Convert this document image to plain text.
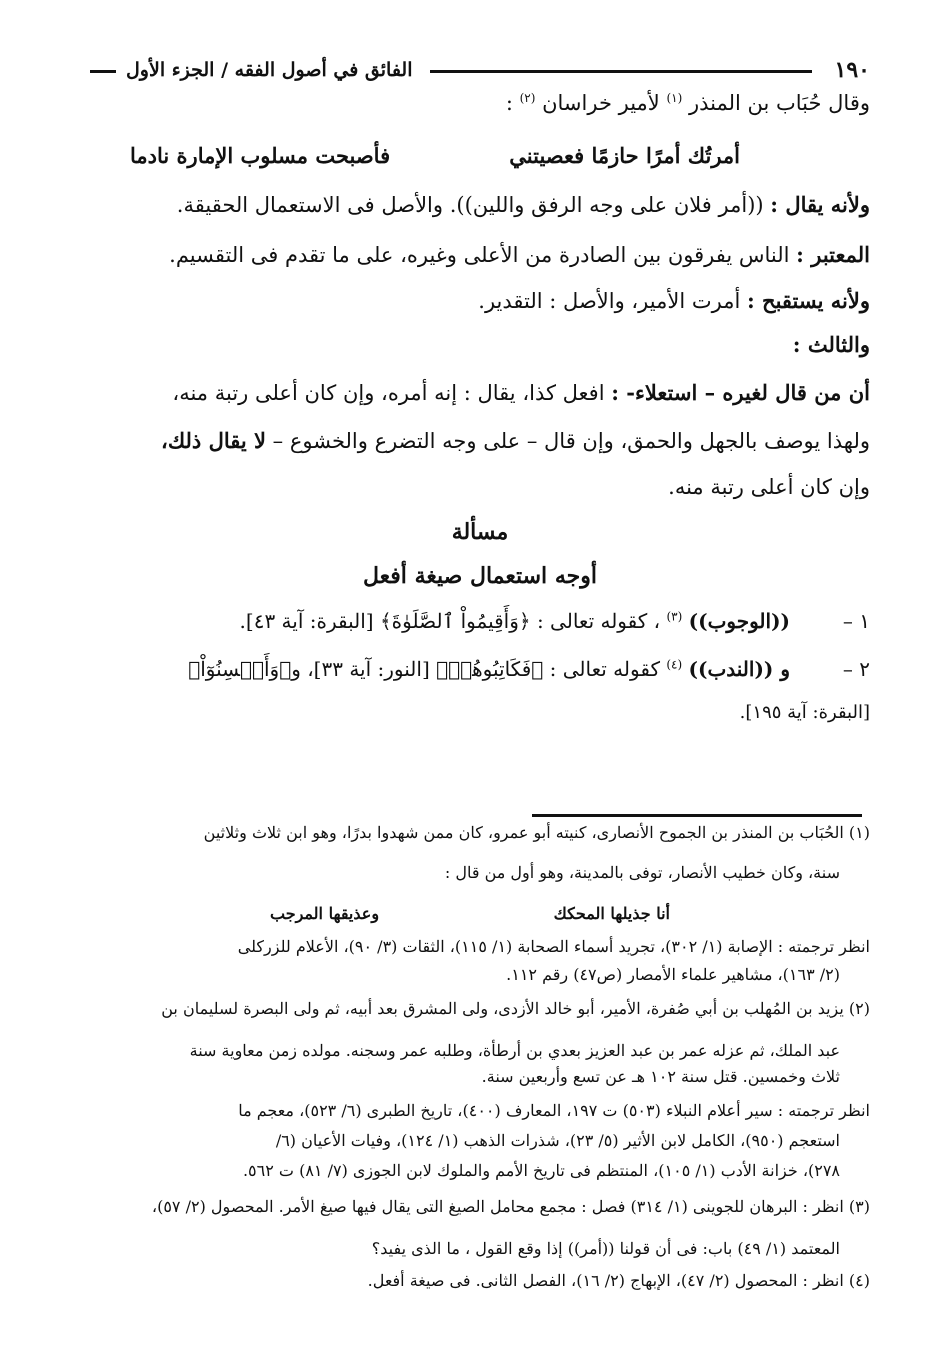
١٩٠
الفائق في أصول الفقه / الجزء الأول
وقال حُبَاب بن المنذر $^{(١)}$ لأمير خراسان $^{(٢)}$ :
أمرتُك أمرًا حازمًا فعصيتني
فأصبحت مسلوب الإمارة نادما
ولأنه يقال : ((أمر فلان على وجه الرفق واللين)). والأصل فى الاستعمال الحقيقة.
المعتبر : الناس يفرقون بين الصادرة من الأعلى وغيره، على ما تقدم فى التقسيم.
ولأنه يستقبح : أمرت الأمير، والأصل : التقدير.
والثالث :
أن من قال لغيره – استعلاء- : افعل كذا، يقال : إنه أمره، وإن كان أعلى رتبة منه،
ولهذا يوصف بالجهل والحمق، وإن قال – على وجه التضرع والخشوع – لا يقال ذلك،
وإن كان أعلى رتبة منه.
مسألة
أوجه استعمال صيغة أفعل
١ –
((الوجوب)) $^{(٣)}$ ، كقوله تعالى : ﴿وَأَقِيمُواْ ٱلصَّلَوٰةَ﴾ [البقرة: آية ٤٣].
٢ –
و ((الندب)) $^{(٤)}$ كقوله تعالى : ﴿فَكَاتِبُوهُمۡ﴾ [النور: آية ٣٣]، و﴿وَأَحۡسِنُوٓاْ﴾
[البقرة: آية ١٩٥].
(١) الحُبَاب بن المنذر بن الجموح الأنصارى، كنيته أبو عمرو، كان ممن شهدوا بدرًا، وهو ابن ثلاث وثلاثين
سنة، وكان خطيب الأنصار، توفى بالمدينة، وهو أول من قال :
أنا جذيلها المحكك
وعذيقها المرجب
انظر ترجمته : الإصابة (١/ ٣٠٢)، تجريد أسماء الصحابة (١/ ١١٥)، الثقات (٣/ ٩٠)، الأعلام للزركلى
(٢/ ١٦٣)، مشاهير علماء الأمصار (ص٤٧) رقم ١١٢.
(٢) يزيد بن المُهلب بن أبي صُفرة، الأمير، أبو خالد الأزدى، ولى المشرق بعد أبيه، ثم ولى البصرة لسليمان بن
عبد الملك، ثم عزله عمر بن عبد العزيز بعدي بن أرطأة، وطلبه عمر وسجنه. مولده زمن معاوية سنة
ثلاث وخمسين. قتل سنة ١٠٢ هـ عن تسع وأربعين سنة.
انظر ترجمته : سير أعلام النبلاء (٥٠٣) ت ١٩٧، المعارف (٤٠٠)، تاريخ الطبرى (٦/ ٥٢٣)، معجم ما
استعجم (٩٥٠)، الكامل لابن الأثير (٥/ ٢٣)، شذرات الذهب (١/ ١٢٤)، وفيات الأعيان (٦/
٢٧٨)، خزانة الأدب (١/ ١٠٥)، المنتظم فى تاريخ الأمم والملوك لابن الجوزى (٧/ ٨١) ت ٥٦٢.
(٣) انظر : البرهان للجوينى (١/ ٣١٤) فصل : مجمع محامل الصيغ التى يقال فيها صيغ الأمر. المحصول (٢/ ٥٧)،
المعتمد (١/ ٤٩) باب: فى أن قولنا ((أمر)) إذا وقع القول ، ما الذى يفيد؟
(٤) انظر : المحصول (٢/ ٤٧)، الإبهاج (٢/ ١٦)، الفصل الثانى. فى صيغة أفعل.
